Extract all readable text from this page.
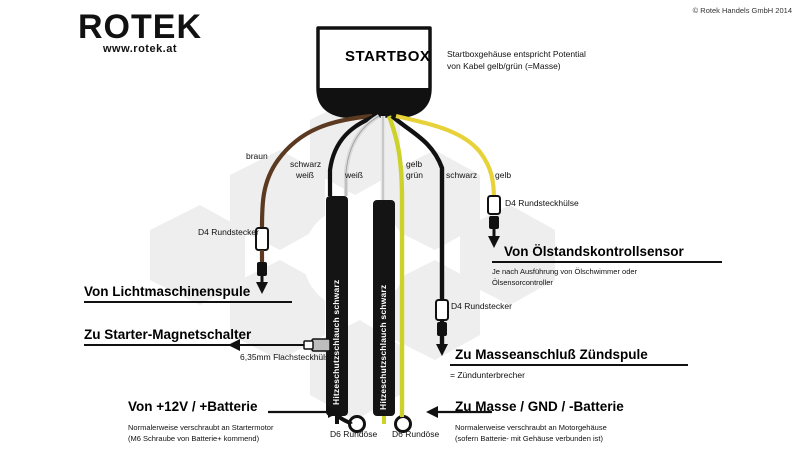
© Rotek Handels GmbH 2014
ROTEK
www.rotek.at	STARTBOX Startboxgehäuse entspricht Potential
von Kabel gelb/grün (=Masse)
braun
schwarz
weiß	weiß
gelb
grün	schwarz gelb
D4 Rundstecker
D4 Rundsteckhülse
D4 Rundstecker
6,35mm Flachsteckhülse
D6 Rundöse D6 Rundöse
Hitzeschutzschlauch schwarz	Hitzeschutzschlauch schwarz
Von Lichtmaschinenspule
Zu Starter-Magnetschalter
Von Ölstandskontrollsensor
Je nach Ausführung von Ölschwimmer oder
Ölsensorcontroller
Zu Masseanschluß Zündspule
= Zündunterbrecher
Von +12V / +Batterie
Normalerweise verschraubt an Startermotor
(M6 Schraube von Batterie+ kommend)
Zu Masse / GND / -Batterie
Normalerweise verschraubt an Motorgehäuse
(sofern Batterie- mit Gehäuse verbunden ist)
